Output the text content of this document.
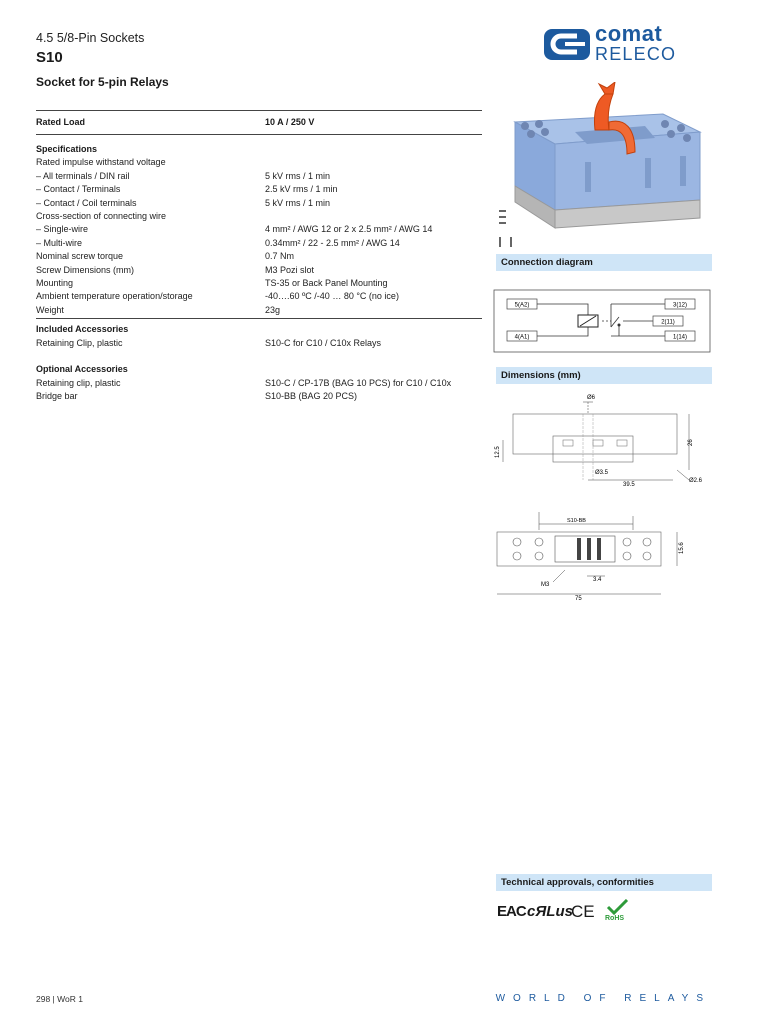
4.5 5/8-Pin Sockets
S10
Socket for 5-pin Relays
comat
RELECO
Rated Load	10 A / 250 V
Specifications
Rated impulse withstand voltage
– All terminals / DIN rail	5 kV rms / 1 min
– Contact / Terminals	2.5 kV rms / 1 min
– Contact / Coil terminals	5 kV rms / 1 min
Cross-section of connecting wire
– Single-wire	4 mm² / AWG 12 or 2 x 2.5 mm² / AWG 14
– Multi-wire	0.34mm² / 22 - 2.5 mm² / AWG 14
Nominal screw torque	0.7 Nm
Screw Dimensions (mm)	M3 Pozi slot
Mounting	TS-35 or Back Panel Mounting
Ambient temperature operation/storage	-40….60 ºC /-40 … 80 °C (no ice)
Weight	23g
Included Accessories
Retaining Clip, plastic	S10-C for C10 / C10x Relays
Optional Accessories
Retaining clip, plastic	S10-C / CP-17B (BAG 10 PCS) for C10 / C10x
Bridge bar	S10-BB (BAG 20 PCS)
Connection diagram
Dimensions (mm)
Technical approvals, conformities
5(A2)
4(A1)
3(12)
2(11)
1(14)
Ø6
26
12.5
Ø3.5
39.5
Ø2.6
S10-BB
15.6
M3
3.4
75
EAC cЯLus
CE RoHS
298 | WoR 1	WORLD OF RELAYS
